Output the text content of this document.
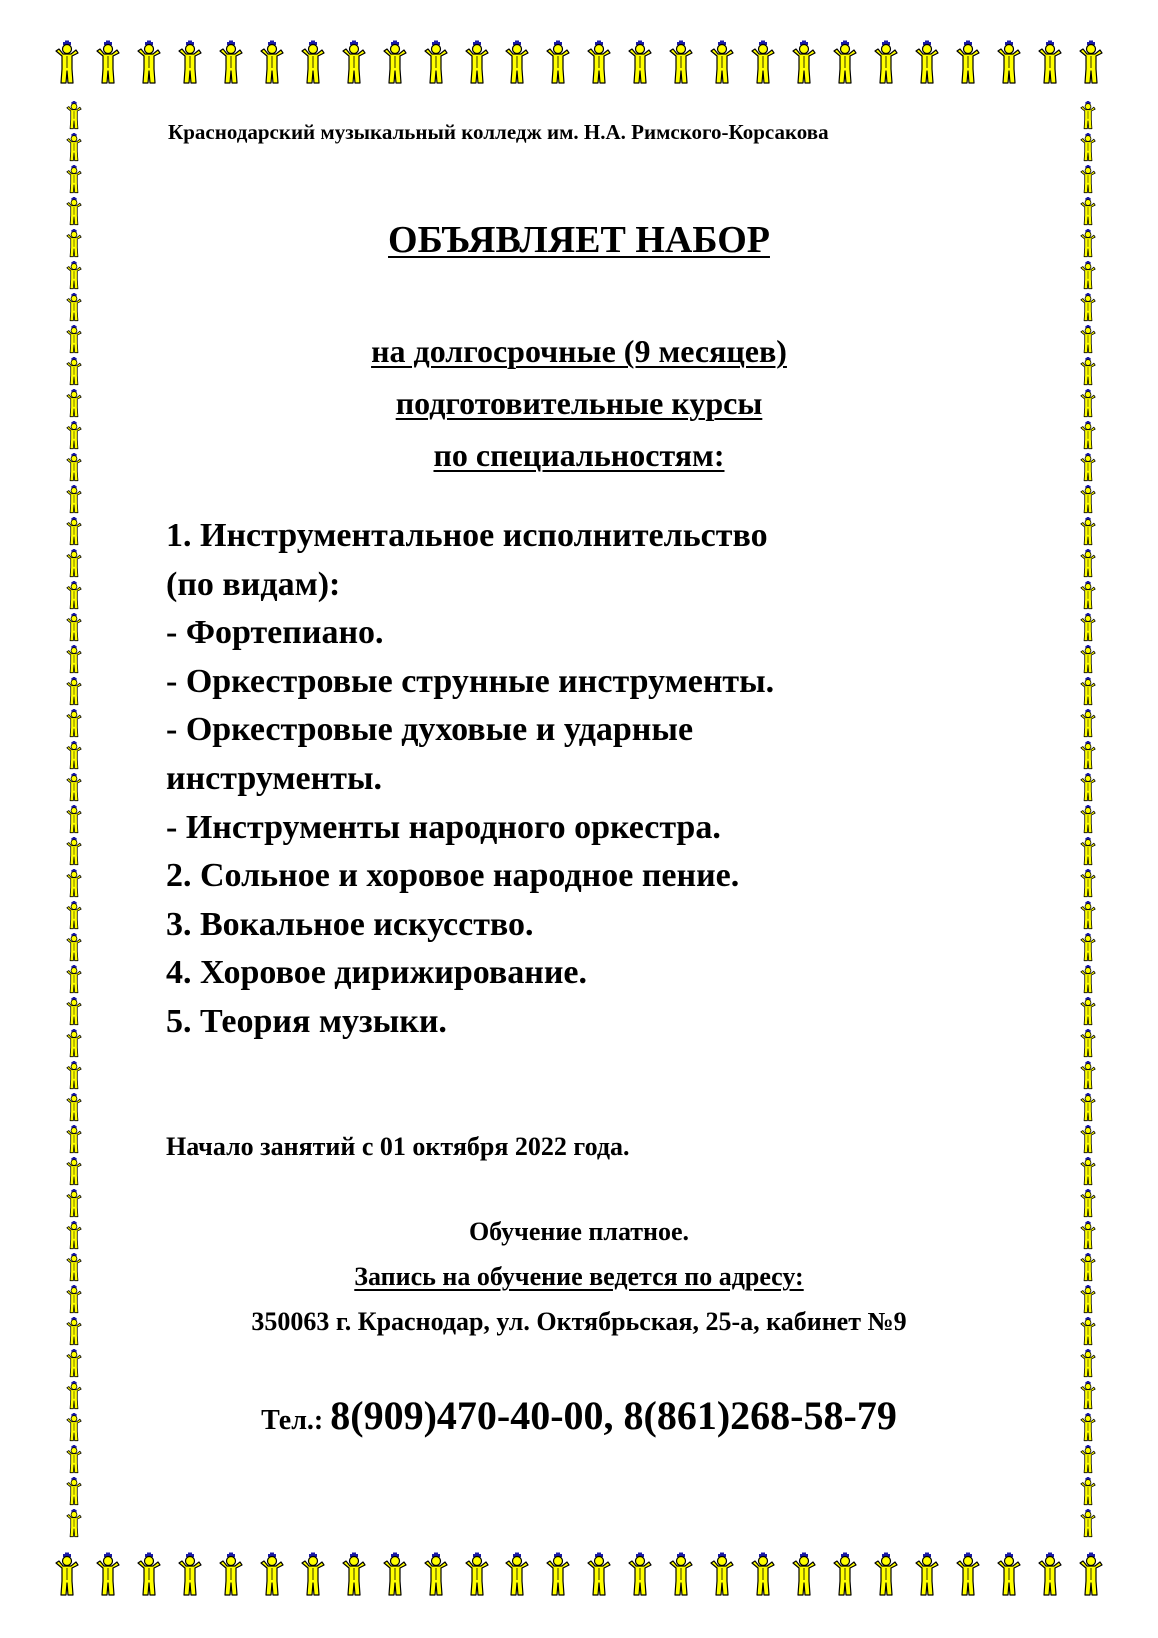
Краснодарский музыкальный колледж им. Н.А. Римского-Корсакова

ОБЪЯВЛЯЕТ НАБОР

на долгосрочные (9 месяцев)

подготовительные курсы

по специальностям:

1. Инструментальное исполнительство
(по видам):
- Фортепиано.
- Оркестровые струнные инструменты.
- Оркестровые духовые и ударные
инструменты.
- Инструменты народного оркестра.
2. Сольное и хоровое народное пение.
3. Вокальное искусство.
4. Хоровое дирижирование.
5. Теория музыки.

Начало занятий с 01 октября 2022 года.

Обучение платное.

Запись на обучение ведется по адресу:

350063 г. Краснодар, ул. Октябрьская, 25-а, кабинет №9

Тел.: 8(909)470-40-00, 8(861)268-58-79
